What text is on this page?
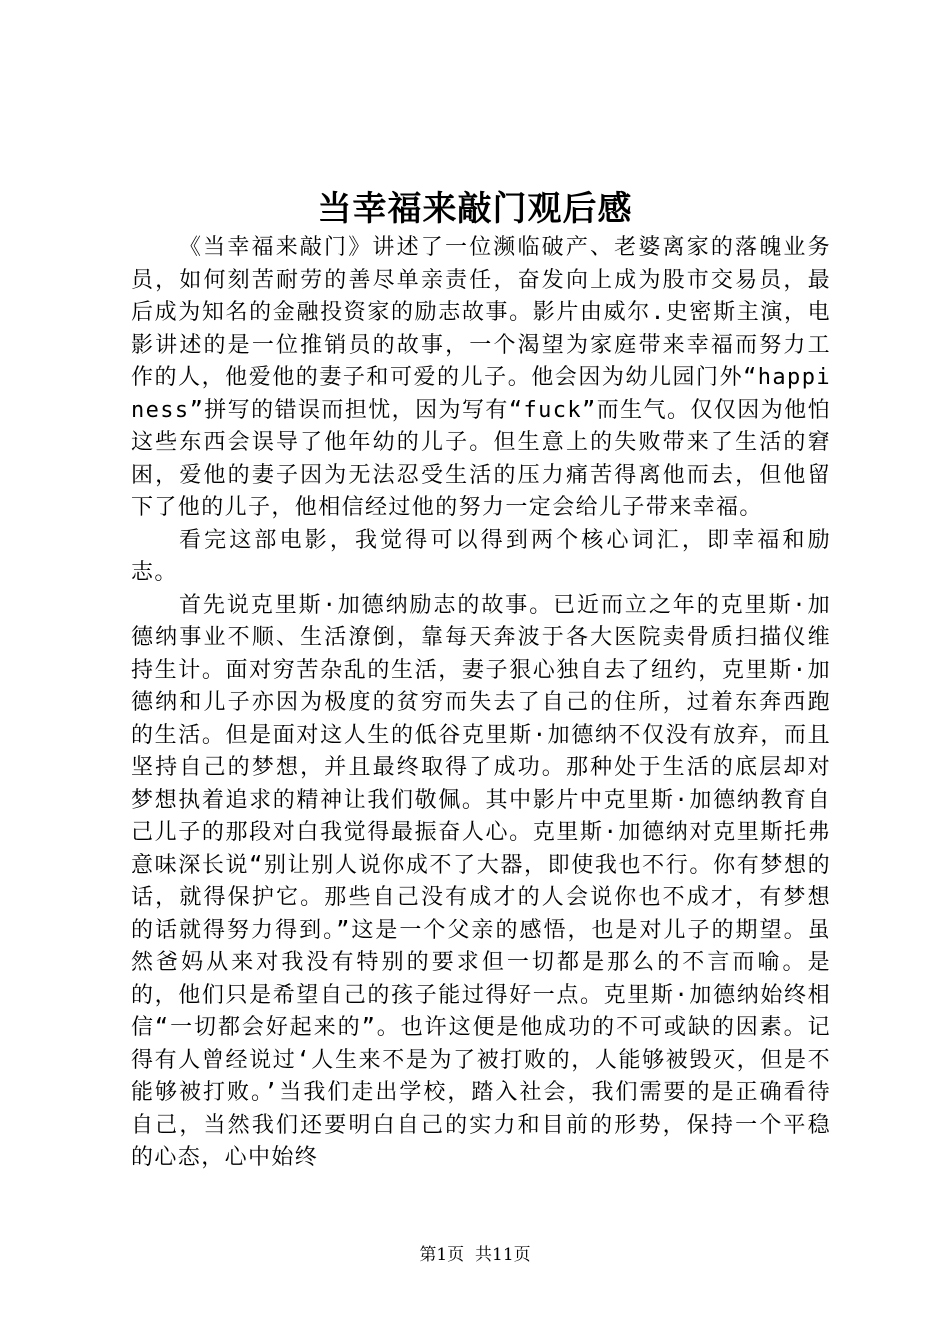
当幸福来敲门观后感

《当幸福来敲门》讲述了一位濒临破产、老婆离家的落魄业务员，如何刻苦耐劳的善尽单亲责任，奋发向上成为股市交易员，最后成为知名的金融投资家的励志故事。影片由威尔.史密斯主演，电影讲述的是一位推销员的故事，一个渴望为家庭带来幸福而努力工作的人，他爱他的妻子和可爱的儿子。他会因为幼儿园门外“happiness”拼写的错误而担忧，因为写有“fuck”而生气。仅仅因为他怕这些东西会误导了他年幼的儿子。但生意上的失败带来了生活的窘困，爱他的妻子因为无法忍受生活的压力痛苦得离他而去，但他留下了他的儿子，他相信经过他的努力一定会给儿子带来幸福。

看完这部电影，我觉得可以得到两个核心词汇，即幸福和励志。

首先说克里斯·加德纳励志的故事。已近而立之年的克里斯·加德纳事业不顺、生活潦倒，靠每天奔波于各大医院卖骨质扫描仪维持生计。面对穷苦杂乱的生活，妻子狠心独自去了纽约，克里斯·加德纳和儿子亦因为极度的贫穷而失去了自己的住所，过着东奔西跑的生活。但是面对这人生的低谷克里斯·加德纳不仅没有放弃，而且坚持自己的梦想，并且最终取得了成功。那种处于生活的底层却对梦想执着追求的精神让我们敬佩。其中影片中克里斯·加德纳教育自己儿子的那段对白我觉得最振奋人心。克里斯·加德纳对克里斯托弗意味深长说“别让别人说你成不了大器，即使我也不行。你有梦想的话，就得保护它。那些自己没有成才的人会说你也不成才，有梦想的话就得努力得到。”这是一个父亲的感悟，也是对儿子的期望。虽然爸妈从来对我没有特别的要求但一切都是那么的不言而喻。是的，他们只是希望自己的孩子能过得好一点。克里斯·加德纳始终相信“一切都会好起来的”。也许这便是他成功的不可或缺的因素。记得有人曾经说过‘人生来不是为了被打败的，人能够被毁灭，但是不能够被打败。’当我们走出学校，踏入社会，我们需要的是正确看待自己，当然我们还要明白自己的实力和目前的形势，保持一个平稳的心态，心中始终

第1页 共11页
